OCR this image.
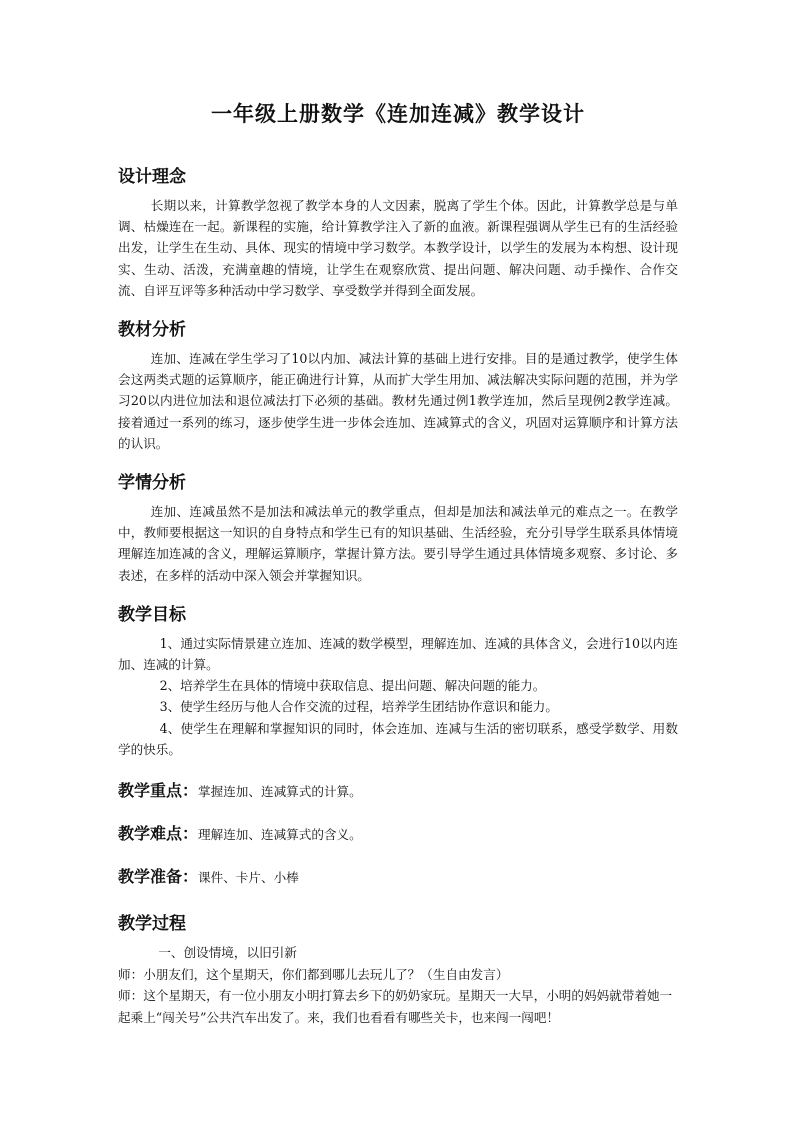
一年级上册数学《连加连减》教学设计
设计理念

长期以来，计算教学忽视了教学本身的人文因素，脱离了学生个体。因此，计算教学总是与单调、枯燥连在一起。新课程的实施，给计算教学注入了新的血液。新课程强调从学生已有的生活经验出发，让学生在生动、具体、现实的情境中学习数学。本教学设计，以学生的发展为本构想、设计现实、生动、活泼，充满童趣的情境，让学生在观察欣赏、提出问题、解决问题、动手操作、合作交流、自评互评等多种活动中学习数学、享受数学并得到全面发展。

教材分析

连加、连减在学生学习了10以内加、减法计算的基础上进行安排。目的是通过教学，使学生体会这两类式题的运算顺序，能正确进行计算，从而扩大学生用加、减法解决实际问题的范围，并为学习20以内进位加法和退位减法打下必须的基础。教材先通过例1教学连加，然后呈现例2教学连减。接着通过一系列的练习，逐步使学生进一步体会连加、连减算式的含义，巩固对运算顺序和计算方法的认识。

学情分析

连加、连减虽然不是加法和减法单元的教学重点，但却是加法和减法单元的难点之一。在教学中，教师要根据这一知识的自身特点和学生已有的知识基础、生活经验，充分引导学生联系具体情境理解连加连减的含义，理解运算顺序，掌握计算方法。要引导学生通过具体情境多观察、多讨论、多表述，在多样的活动中深入领会并掌握知识。

教学目标

1、通过实际情景建立连加、连减的数学模型，理解连加、连减的具体含义，会进行10以内连加、连减的计算。

2、培养学生在具体的情境中获取信息、提出问题、解决问题的能力。

3、使学生经历与他人合作交流的过程，培养学生团结协作意识和能力。

4、使学生在理解和掌握知识的同时，体会连加、连减与生活的密切联系，感受学数学、用数学的快乐。

教学重点：掌握连加、连减算式的计算。
教学难点：理解连加、连减算式的含义。
教学准备：课件、卡片、小棒
教学过程

一、创设情境，以旧引新

师：小朋友们，这个星期天，你们都到哪儿去玩儿了？（生自由发言）

师：这个星期天，有一位小朋友小明打算去乡下的奶奶家玩。星期天一大早，小明的妈妈就带着她一起乘上“闯关号”公共汽车出发了。来，我们也看看有哪些关卡，也来闯一闯吧！
